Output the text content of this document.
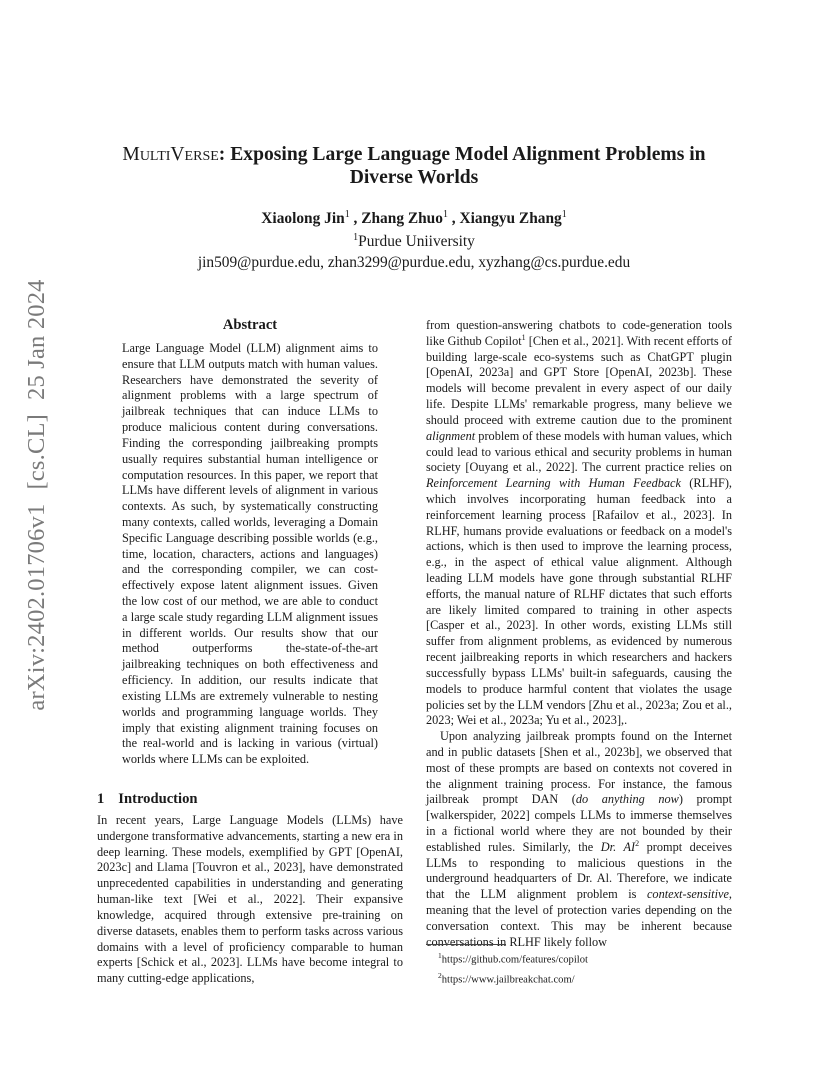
arXiv:2402.01706v1[cs.CL]25 Jan 2024
MultiVerse: Exposing Large Language Model Alignment Problems in
Diverse Worlds
Xiaolong Jin$^1$ , Zhang Zhuo$^1$ , Xiangyu Zhang$^1$
$^1$Purdue Uniiversity
jin509@purdue.edu, zhan3299@purdue.edu, xyzhang@cs.purdue.edu
Abstract
Large Language Model (LLM) alignment aims to ensure that LLM outputs match with human values. Researchers have demonstrated the severity of alignment problems with a large spectrum of jailbreak techniques that can induce LLMs to produce malicious content during conversations. Finding the corresponding jailbreaking prompts usually requires substantial human intelligence or computation resources. In this paper, we report that LLMs have different levels of alignment in various contexts. As such, by systematically constructing many contexts, called worlds, leveraging a Domain Specific Language describing possible worlds (e.g., time, location, characters, actions and languages) and the corresponding compiler, we can cost-effectively expose latent alignment issues. Given the low cost of our method, we are able to conduct a large scale study regarding LLM alignment issues in different worlds. Our results show that our method outperforms the-state-of-the-art jailbreaking techniques on both effectiveness and efficiency. In addition, our results indicate that existing LLMs are extremely vulnerable to nesting worlds and programming language worlds. They imply that existing alignment training focuses on the real-world and is lacking in various (virtual) worlds where LLMs can be exploited.
1 Introduction
In recent years, Large Language Models (LLMs) have undergone transformative advancements, starting a new era in deep learning. These models, exemplified by GPT [OpenAI, 2023c] and Llama [Touvron et al., 2023], have demonstrated unprecedented capabilities in understanding and generating human-like text [Wei et al., 2022]. Their expansive knowledge, acquired through extensive pre-training on diverse datasets, enables them to perform tasks across various domains with a level of proficiency comparable to human experts [Schick et al., 2023]. LLMs have become integral to many cutting-edge applications,

from question-answering chatbots to code-generation tools like Github Copilot$^1$ [Chen et al., 2021]. With recent efforts of building large-scale eco-systems such as ChatGPT plugin [OpenAI, 2023a] and GPT Store [OpenAI, 2023b]. These models will become prevalent in every aspect of our daily life. Despite LLMs' remarkable progress, many believe we should proceed with extreme caution due to the prominent alignment problem of these models with human values, which could lead to various ethical and security problems in human society [Ouyang et al., 2022]. The current practice relies on Reinforcement Learning with Human Feedback (RLHF), which involves incorporating human feedback into a reinforcement learning process [Rafailov et al., 2023]. In RLHF, humans provide evaluations or feedback on a model's actions, which is then used to improve the learning process, e.g., in the aspect of ethical value alignment. Although leading LLM models have gone through substantial RLHF efforts, the manual nature of RLHF dictates that such efforts are likely limited compared to training in other aspects [Casper et al., 2023]. In other words, existing LLMs still suffer from alignment problems, as evidenced by numerous recent jailbreaking reports in which researchers and hackers successfully bypass LLMs' built-in safeguards, causing the models to produce harmful content that violates the usage policies set by the LLM vendors [Zhu et al., 2023a; Zou et al., 2023; Wei et al., 2023a; Yu et al., 2023],.

Upon analyzing jailbreak prompts found on the Internet and in public datasets [Shen et al., 2023b], we observed that most of these prompts are based on contexts not covered in the alignment training process. For instance, the famous jailbreak prompt DAN (do anything now) prompt [walkerspider, 2022] compels LLMs to immerse themselves in a fictional world where they are not bounded by their established rules. Similarly, the Dr. $AI^2$ prompt deceives LLMs to responding to malicious questions in the underground headquarters of Dr. Al. Therefore, we indicate that the LLM alignment problem is context-sensitive, meaning that the level of protection varies depending on the conversation context. This may be inherent because conversations in RLHF likely follow

$^1$https://github.com/features/copilot
$^2$https://www.jailbreakchat.com/
